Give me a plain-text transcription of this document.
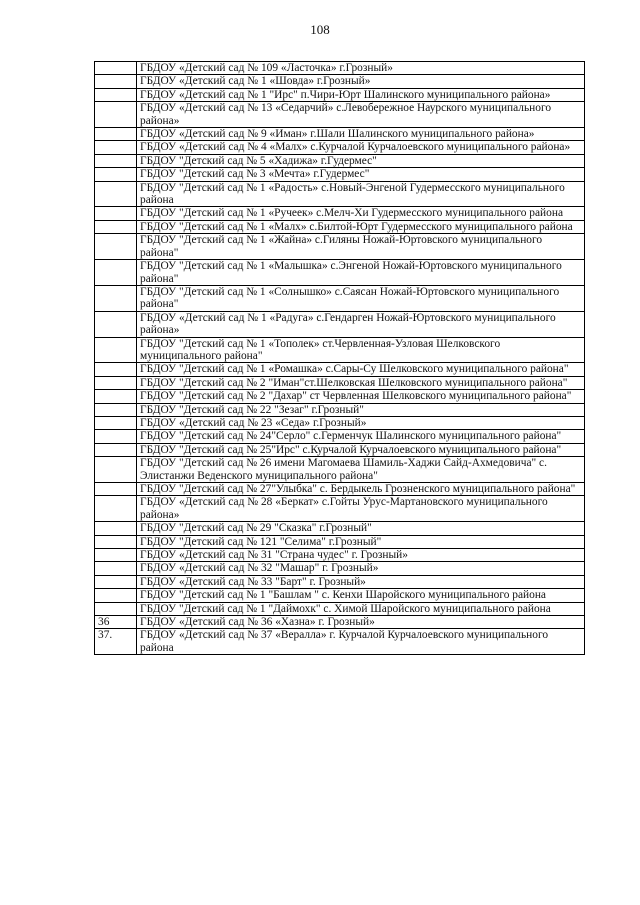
108
	ГБДОУ «Детский сад № 109 «Ласточка» г.Грозный»
	ГБДОУ «Детский сад № 1 «Шовда» г.Грозный»
	ГБДОУ «Детский сад № 1 "Ирс" п.Чири-Юрт Шалинского муниципального района»
	ГБДОУ «Детский сад № 13 «Седарчий» с.Левобережное Наурского муниципального района»
	ГБДОУ «Детский сад № 9 «Иман» г.Шали Шалинского муниципального района»
	ГБДОУ «Детский сад № 4 «Малх» с.Курчалой Курчалоевского муниципального района»
	ГБДОУ "Детский сад № 5 «Хадижа» г.Гудермес"
	ГБДОУ "Детский сад № 3 «Мечта» г.Гудермес"
	ГБДОУ "Детский сад № 1 «Радость» с.Новый-Энгеной Гудермесского муниципального района
	ГБДОУ "Детский сад № 1 «Ручеек» с.Мелч-Хи Гудермесского муниципального района
	ГБДОУ "Детский сад № 1 «Малх» с.Билтой-Юрт Гудермесского муниципального района
	ГБДОУ "Детский сад № 1 «Жайна» с.Гиляны Ножай-Юртовского муниципального района"
	ГБДОУ "Детский сад № 1 «Малышка» с.Энгеной Ножай-Юртовского муниципального района"
	ГБДОУ "Детский сад № 1 «Солнышко» с.Саясан Ножай-Юртовского муниципального района"
	ГБДОУ «Детский сад № 1 «Радуга» с.Гендарген Ножай-Юртовского муниципального района»
	ГБДОУ "Детский сад № 1 «Тополек» ст.Червленная-Узловая Шелковского муниципального района"
	ГБДОУ "Детский сад № 1 «Ромашка» с.Сары-Су Шелковского муниципального района"
	ГБДОУ "Детский сад № 2 "Иман"ст.Шелковская Шелковского муниципального района"
	ГБДОУ "Детский сад № 2 "Дахар" ст Червленная Шелковского муниципального района"
	ГБДОУ "Детский сад № 22 "Зезаг" г.Грозный"
	ГБДОУ «Детский сад № 23 «Седа» г.Грозный»
	ГБДОУ "Детский сад № 24"Серло" с.Герменчук Шалинского муниципального района"
	ГБДОУ "Детский сад № 25"Ирс" с.Курчалой Курчалоевского муниципального района"
	ГБДОУ "Детский сад № 26 имени Магомаева Шамиль-Хаджи Сайд-Ахмедовича" с. Элистанжи Веденского муниципального района"
	ГБДОУ "Детский сад № 27"Улыбка" с. Бердыкель Грозненского муниципального района"
	ГБДОУ «Детский сад № 28 «Беркат» с.Гойты Урус-Мартановского муниципального района»
	ГБДОУ "Детский сад № 29 "Сказка" г.Грозный"
	ГБДОУ "Детский сад № 121 "Селима" г.Грозный"
	ГБДОУ «Детский сад № 31 "Страна чудес" г. Грозный»
	ГБДОУ «Детский сад № 32 "Машар" г. Грозный»
	ГБДОУ «Детский сад № 33 "Барт" г. Грозный»
	ГБДОУ "Детский сад № 1 "Башлам " с. Кенхи Шаройского муниципального района
	ГБДОУ "Детский сад № 1 "Даймохк" с. Химой Шаройского муниципального района
36	ГБДОУ «Детский сад № 36 «Хазна» г. Грозный»
37.	ГБДОУ «Детский сад № 37 «Beралла» г. Курчалой Курчалоевского муниципального района
